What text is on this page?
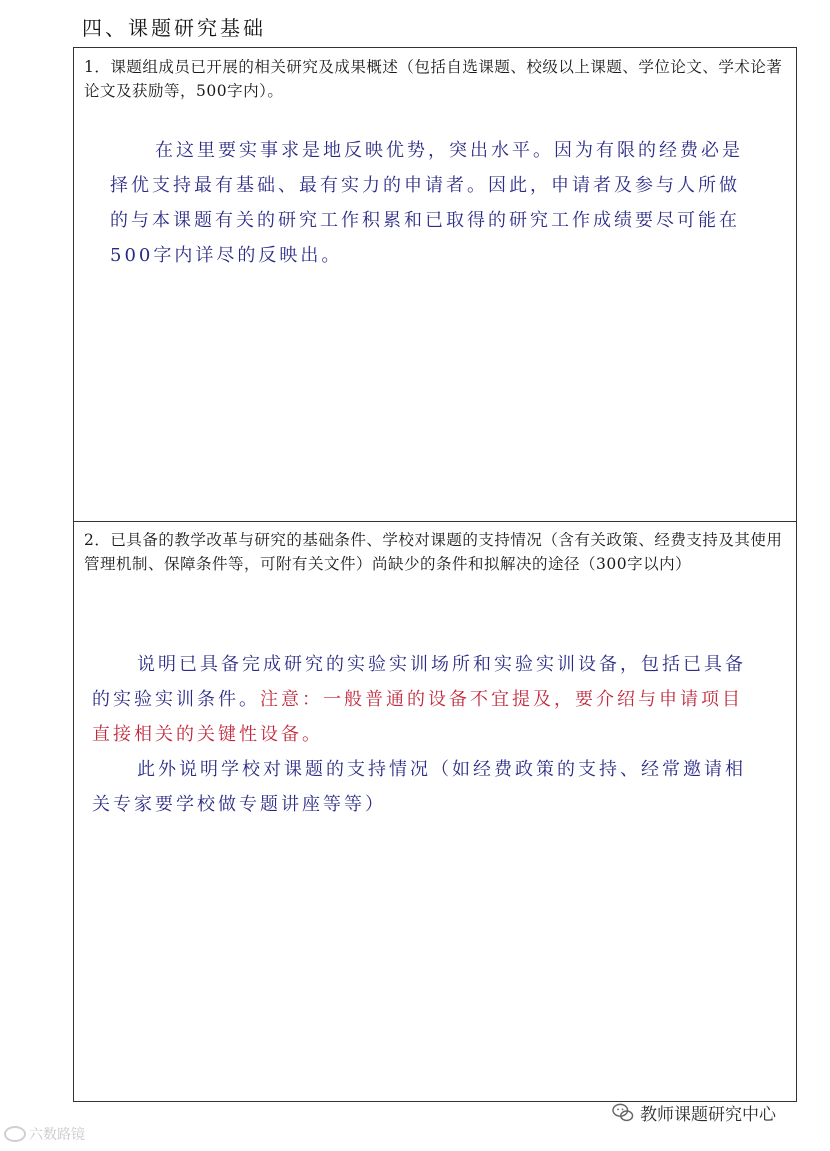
四、课题研究基础
1．课题组成员已开展的相关研究及成果概述（包括自选课题、校级以上课题、学位论文、学术论著论文及获励等，500字内）。
在这里要实事求是地反映优势，突出水平。因为有限的经费必是择优支持最有基础、最有实力的申请者。因此，申请者及参与人所做的与本课题有关的研究工作积累和已取得的研究工作成绩要尽可能在500字内详尽的反映出。
2．已具备的教学改革与研究的基础条件、学校对课题的支持情况（含有关政策、经费支持及其使用管理机制、保障条件等，可附有关文件）尚缺少的条件和拟解决的途径（300字以内）

说明已具备完成研究的实验实训场所和实验实训设备，包括已具备的实验实训条件。注意：一般普通的设备不宜提及，要介绍与申请项目直接相关的关键性设备。

此外说明学校对课题的支持情况（如经费政策的支持、经常邀请相关专家要学校做专题讲座等等）

六数路镜
教师课题研究中心
